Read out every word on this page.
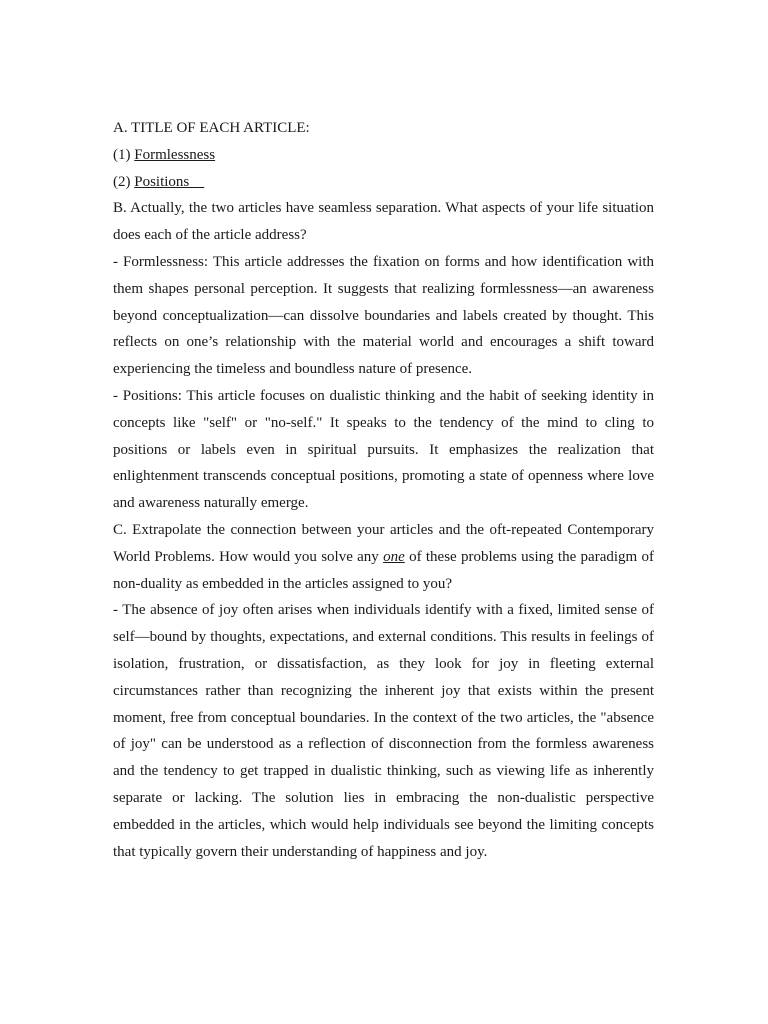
A. TITLE OF EACH ARTICLE:

(1) Formlessness

(2) Positions

B. Actually, the two articles have seamless separation. What aspects of your life situation does each of the article address?

- Formlessness: This article addresses the fixation on forms and how identification with them shapes personal perception. It suggests that realizing formlessness—an awareness beyond conceptualization—can dissolve boundaries and labels created by thought. This reflects on one’s relationship with the material world and encourages a shift toward experiencing the timeless and boundless nature of presence.

- Positions: This article focuses on dualistic thinking and the habit of seeking identity in concepts like "self" or "no-self." It speaks to the tendency of the mind to cling to positions or labels even in spiritual pursuits. It emphasizes the realization that enlightenment transcends conceptual positions, promoting a state of openness where love and awareness naturally emerge.

C. Extrapolate the connection between your articles and the oft-repeated Contemporary World Problems. How would you solve any one of these problems using the paradigm of non-duality as embedded in the articles assigned to you?

- The absence of joy often arises when individuals identify with a fixed, limited sense of self—bound by thoughts, expectations, and external conditions. This results in feelings of isolation, frustration, or dissatisfaction, as they look for joy in fleeting external circumstances rather than recognizing the inherent joy that exists within the present moment, free from conceptual boundaries. In the context of the two articles, the "absence of joy" can be understood as a reflection of disconnection from the formless awareness and the tendency to get trapped in dualistic thinking, such as viewing life as inherently separate or lacking. The solution lies in embracing the non-dualistic perspective embedded in the articles, which would help individuals see beyond the limiting concepts that typically govern their understanding of happiness and joy.
